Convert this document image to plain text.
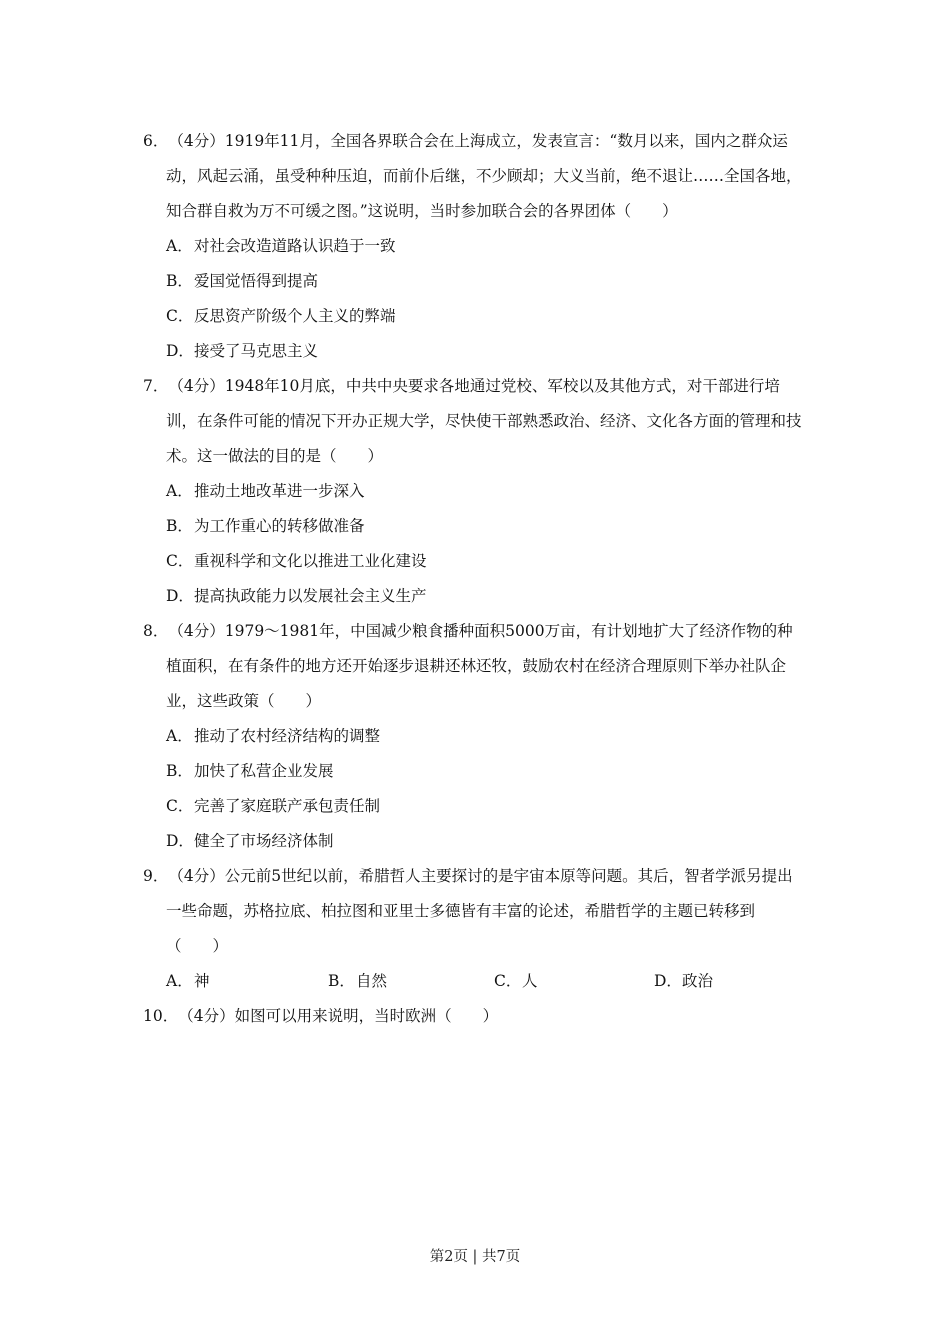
6．（4分）1919年11月，全国各界联合会在上海成立，发表宣言：“数月以来，国内之群众运动，风起云涌，虽受种种压迫，而前仆后继，不少顾却；大义当前，绝不退让……全国各地，知合群自救为万不可缓之图。”这说明，当时参加联合会的各界团体（　　）

A．对社会改造道路认识趋于一致

B．爱国觉悟得到提高

C．反思资产阶级个人主义的弊端

D．接受了马克思主义

7．（4分）1948年10月底，中共中央要求各地通过党校、军校以及其他方式，对干部进行培训，在条件可能的情况下开办正规大学，尽快使干部熟悉政治、经济、文化各方面的管理和技术。这一做法的目的是（　　）

A．推动土地改革进一步深入

B．为工作重心的转移做准备

C．重视科学和文化以推进工业化建设

D．提高执政能力以发展社会主义生产

8．（4分）1979～1981年，中国减少粮食播种面积5000万亩，有计划地扩大了经济作物的种植面积，在有条件的地方还开始逐步退耕还林还牧，鼓励农村在经济合理原则下举办社队企业，这些政策（　　）

A．推动了农村经济结构的调整

B．加快了私营企业发展

C．完善了家庭联产承包责任制

D．健全了市场经济体制

9．（4分）公元前5世纪以前，希腊哲人主要探讨的是宇宙本原等问题。其后，智者学派另提出一些命题，苏格拉底、柏拉图和亚里士多德皆有丰富的论述，希腊哲学的主题已转移到（　　）

A．神	B．自然	C．人	D．政治

10．（4分）如图可以用来说明，当时欧洲（　　）

第2页 | 共7页
